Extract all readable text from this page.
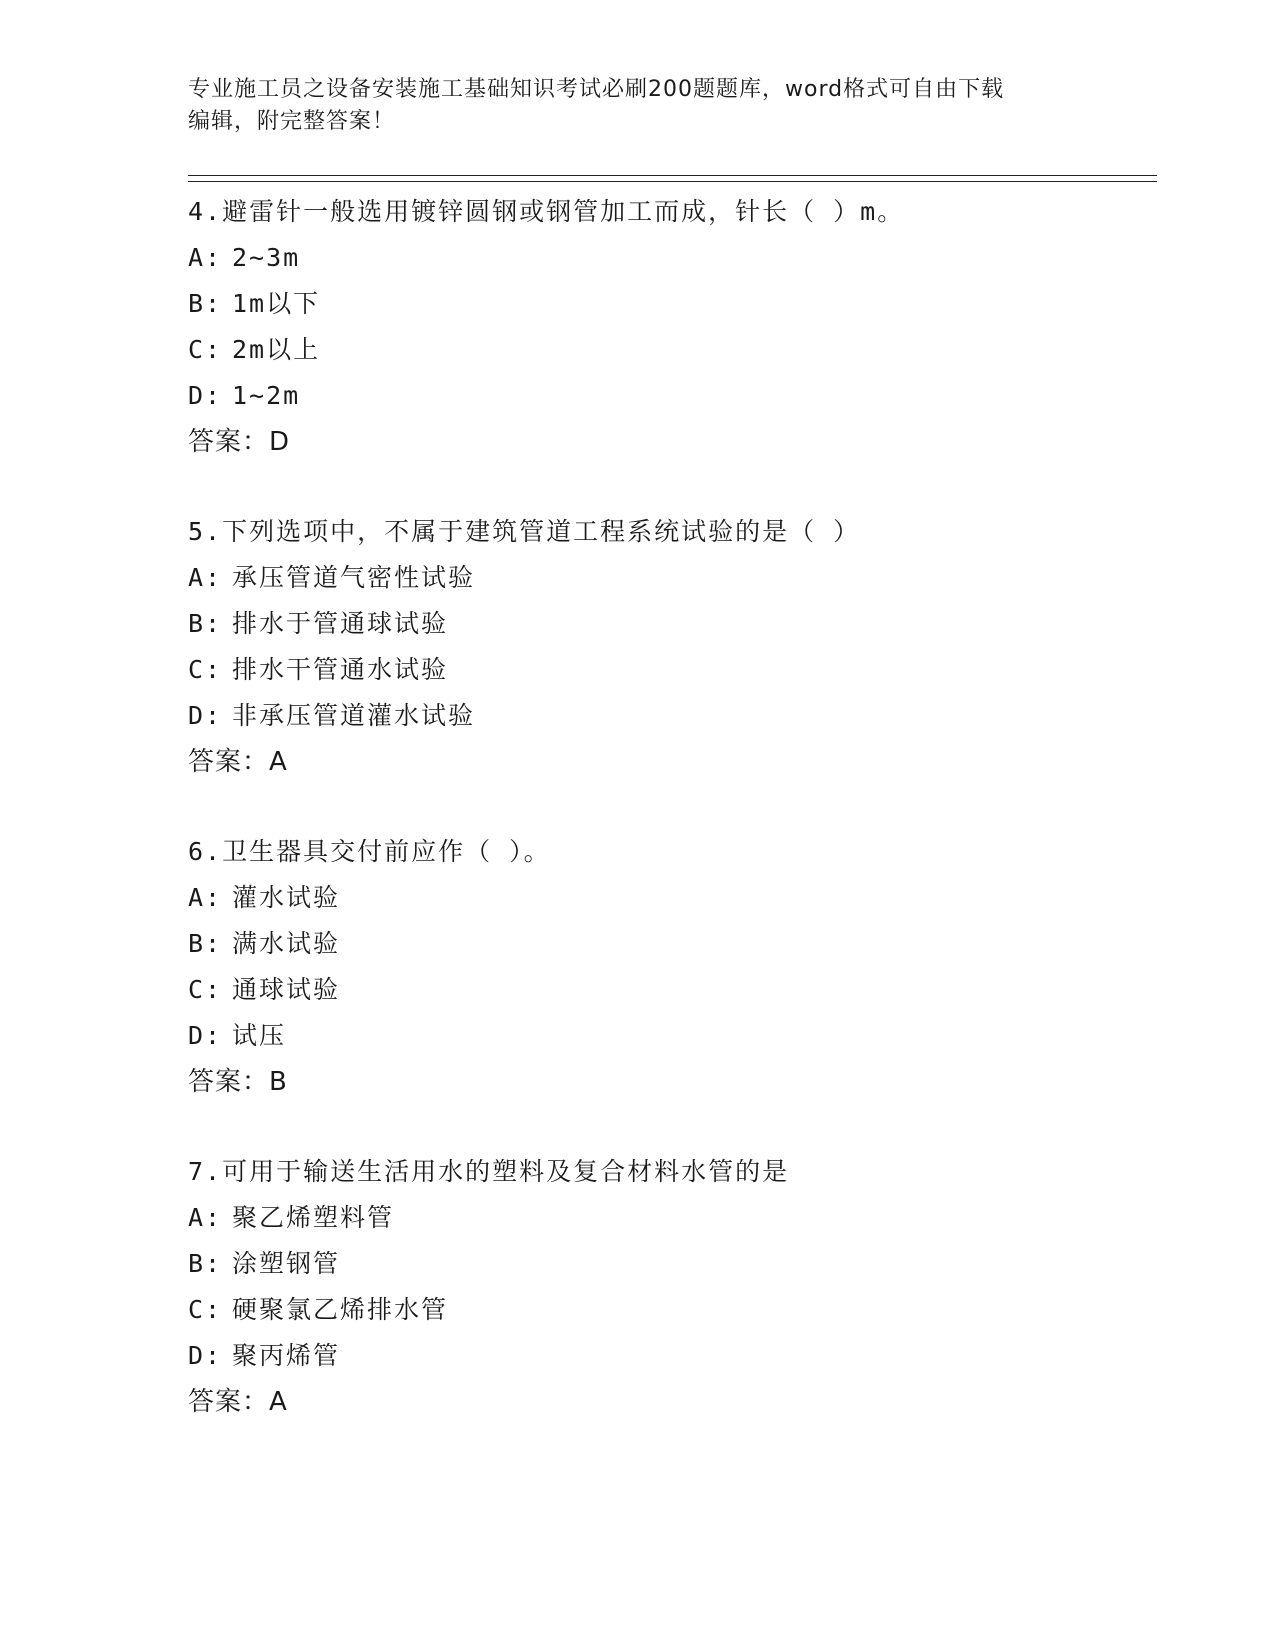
专业施工员之设备安装施工基础知识考试必刷200题题库，word格式可自由下载
编辑，附完整答案！
4.避雷针一般选用镀锌圆钢或钢管加工而成，针长（ ）m。
A: 2~3m
B: 1m以下
C: 2m以上
D: 1~2m
答案：D
5.下列选项中，不属于建筑管道工程系统试验的是（ ）
A: 承压管道气密性试验
B: 排水于管通球试验
C: 排水干管通水试验
D: 非承压管道灌水试验
答案：A
6.卫生器具交付前应作（ ）。
A: 灌水试验
B: 满水试验
C: 通球试验
D: 试压
答案：B
7.可用于输送生活用水的塑料及复合材料水管的是
A: 聚乙烯塑料管
B: 涂塑钢管
C: 硬聚氯乙烯排水管
D: 聚丙烯管
答案：A
